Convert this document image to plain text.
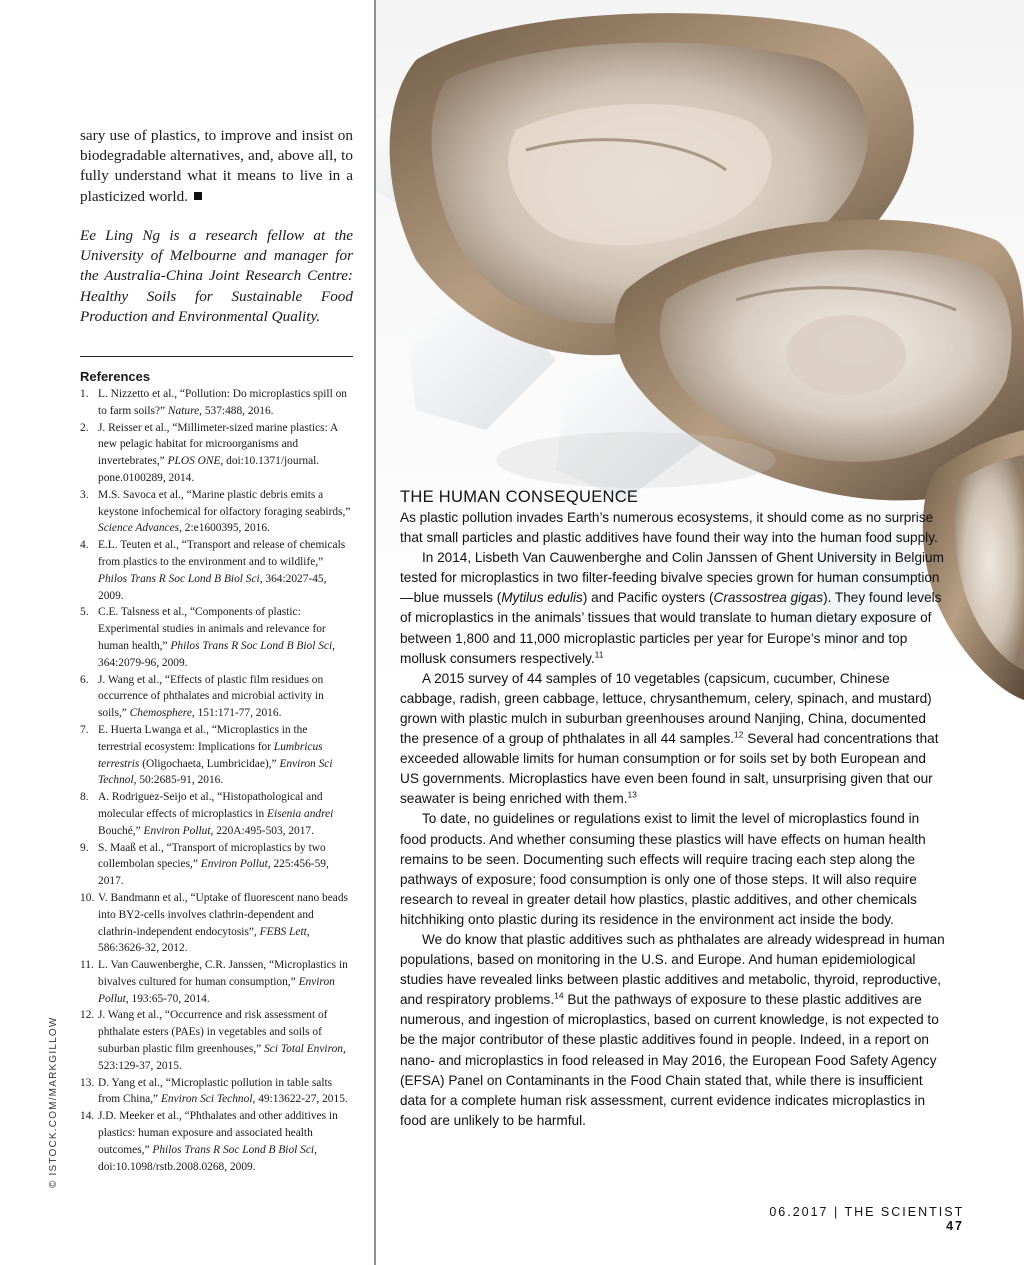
sary use of plastics, to improve and insist on biodegradable alternatives, and, above all, to fully understand what it means to live in a plasticized world.
Ee Ling Ng is a research fellow at the University of Melbourne and manager for the Australia-China Joint Research Centre: Healthy Soils for Sustainable Food Production and Environmental Quality.
References
1. L. Nizzetto et al., “Pollution: Do microplastics spill on to farm soils?” Nature, 537:488, 2016.
2. J. Reisser et al., “Millimeter-sized marine plastics: A new pelagic habitat for microorganisms and invertebrates,” PLOS ONE, doi:10.1371/journal. pone.0100289, 2014.
3. M.S. Savoca et al., “Marine plastic debris emits a keystone infochemical for olfactory foraging seabirds,” Science Advances, 2:e1600395, 2016.
4. E.L. Teuten et al., “Transport and release of chemicals from plastics to the environment and to wildlife,” Philos Trans R Soc Lond B Biol Sci, 364:2027-45, 2009.
5. C.E. Talsness et al., “Components of plastic: Experimental studies in animals and relevance for human health,” Philos Trans R Soc Lond B Biol Sci, 364:2079-96, 2009.
6. J. Wang et al., “Effects of plastic film residues on occurrence of phthalates and microbial activity in soils,” Chemosphere, 151:171-77, 2016.
7. E. Huerta Lwanga et al., “Microplastics in the terrestrial ecosystem: Implications for Lumbricus terrestris (Oligochaeta, Lumbricidae),” Environ Sci Technol, 50:2685-91, 2016.
8. A. Rodriguez-Seijo et al., “Histopathological and molecular effects of microplastics in Eisenia andrei Bouché,” Environ Pollut, 220A:495-503, 2017.
9. S. Maaß et al., “Transport of microplastics by two collembolan species,” Environ Pollut, 225:456-59, 2017.
10. V. Bandmann et al., “Uptake of fluorescent nano beads into BY2-cells involves clathrin-dependent and clathrin-independent endocytosis”, FEBS Lett, 586:3626-32, 2012.
11. L. Van Cauwenberghe, C.R. Janssen, “Microplastics in bivalves cultured for human consumption,” Environ Pollut, 193:65-70, 2014.
12. J. Wang et al., “Occurrence and risk assessment of phthalate esters (PAEs) in vegetables and soils of suburban plastic film greenhouses,” Sci Total Environ, 523:129-37, 2015.
13. D. Yang et al., “Microplastic pollution in table salts from China,” Environ Sci Technol, 49:13622-27, 2015.
14. J.D. Meeker et al., “Phthalates and other additives in plastics: human exposure and associated health outcomes,” Philos Trans R Soc Lond B Biol Sci, doi:10.1098/rstb.2008.0268, 2009.
© ISTOCK.COM/MARKGILLOW
THE HUMAN CONSEQUENCE

As plastic pollution invades Earth’s numerous ecosystems, it should come as no surprise that small particles and plastic additives have found their way into the human food supply.

In 2014, Lisbeth Van Cauwenberghe and Colin Janssen of Ghent University in Belgium tested for microplastics in two filter-feeding bivalve species grown for human consumption—blue mussels (Mytilus edulis) and Pacific oysters (Crassostrea gigas). They found levels of microplastics in the animals’ tissues that would translate to human dietary exposure of between 1,800 and 11,000 microplastic particles per year for Europe’s minor and top mollusk consumers respectively.$^{11}$

A 2015 survey of 44 samples of 10 vegetables (capsicum, cucumber, Chinese cabbage, radish, green cabbage, lettuce, chrysanthemum, celery, spinach, and mustard) grown with plastic mulch in suburban greenhouses around Nanjing, China, documented the presence of a group of phthalates in all 44 samples.$^{12}$ Several had concentrations that exceeded allowable limits for human consumption or for soils set by both European and US governments. Microplastics have even been found in salt, unsurprising given that our seawater is being enriched with them.$^{13}$

To date, no guidelines or regulations exist to limit the level of microplastics found in food products. And whether consuming these plastics will have effects on human health remains to be seen. Documenting such effects will require tracing each step along the pathways of exposure; food consumption is only one of those steps. It will also require research to reveal in greater detail how plastics, plastic additives, and other chemicals hitchhiking onto plastic during its residence in the environment act inside the body.

We do know that plastic additives such as phthalates are already widespread in human populations, based on monitoring in the U.S. and Europe. And human epidemiological studies have revealed links between plastic additives and metabolic, thyroid, reproductive, and respiratory problems.$^{14}$ But the pathways of exposure to these plastic additives are numerous, and ingestion of microplastics, based on current knowledge, is not expected to be the major contributor of these plastic additives found in people. Indeed, in a report on nano- and microplastics in food released in May 2016, the European Food Safety Agency (EFSA) Panel on Contaminants in the Food Chain stated that, while there is insufficient data for a complete human risk assessment, current evidence indicates microplastics in food are unlikely to be harmful.

06.2017 | THE SCIENTIST 47
